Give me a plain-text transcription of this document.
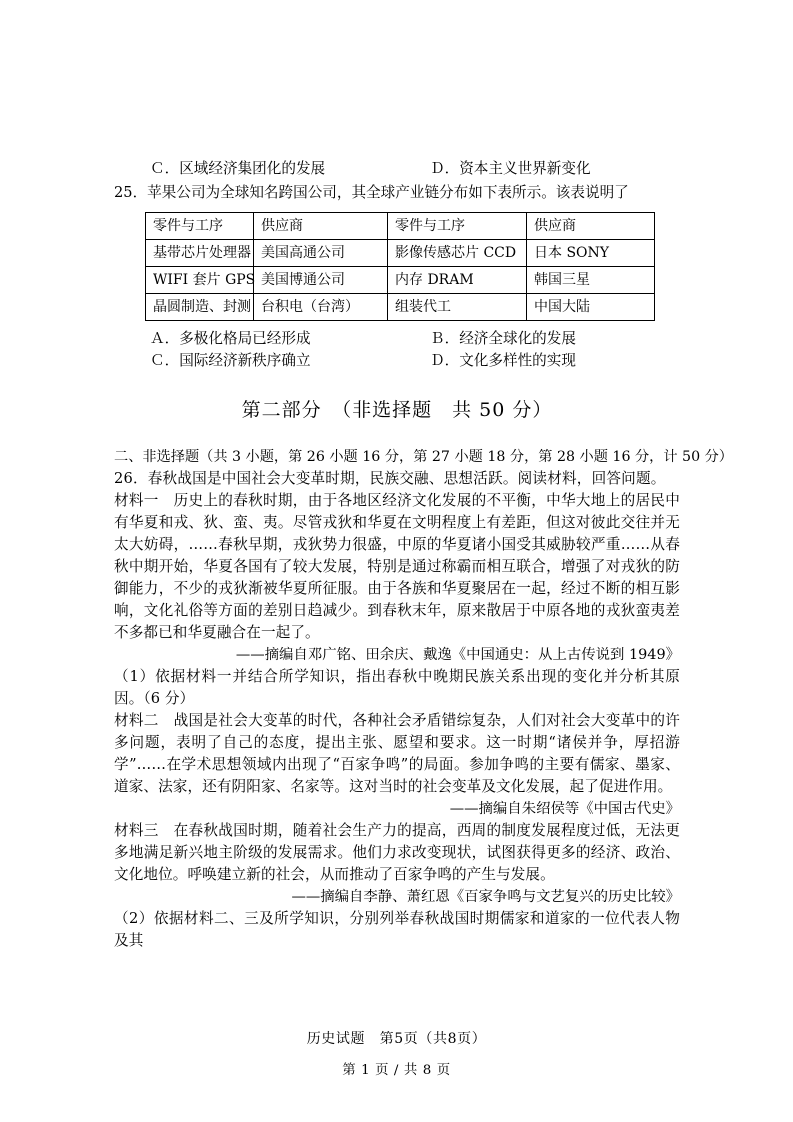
Ｃ．区域经济集团化的发展	Ｄ．资本主义世界新变化
25．苹果公司为全球知名跨国公司，其全球产业链分布如下表所示。该表说明了
零件与工序	供应商	零件与工序	供应商
基带芯片处理器	美国高通公司	影像传感芯片 CCD	日本 SONY
WIFI 套片 GPS	美国博通公司	内存 DRAM	韩国三星
晶圆制造、封测	台积电（台湾）	组装代工	中国大陆
Ａ．多极化格局已经形成	Ｂ．经济全球化的发展
Ｃ．国际经济新秩序确立	Ｄ．文化多样性的实现
第二部分　（非选择题　共 50 分）
二、非选择题（共 3 小题，第 26 小题 16 分，第 27 小题 18 分，第 28 小题 16 分，计 50 分）
26．春秋战国是中国社会大变革时期，民族交融、思想活跃。阅读材料，回答问题。
材料一　历史上的春秋时期，由于各地区经济文化发展的不平衡，中华大地上的居民中有华夏和戎、狄、蛮、夷。尽管戎狄和华夏在文明程度上有差距，但这对彼此交往并无太大妨碍，……春秋早期，戎狄势力很盛，中原的华夏诸小国受其威胁较严重……从春秋中期开始，华夏各国有了较大发展，特别是通过称霸而相互联合，增强了对戎狄的防御能力，不少的戎狄渐被华夏所征服。由于各族和华夏聚居在一起，经过不断的相互影响，文化礼俗等方面的差别日趋减少。到春秋末年，原来散居于中原各地的戎狄蛮夷差不多都已和华夏融合在一起了。
——摘编自邓广铭、田余庆、戴逸《中国通史：从上古传说到 1949》
（1）依据材料一并结合所学知识，指出春秋中晚期民族关系出现的变化并分析其原因。（6 分）
材料二　战国是社会大变革的时代，各种社会矛盾错综复杂，人们对社会大变革中的许多问题，表明了自己的态度，提出主张、愿望和要求。这一时期“诸侯并争，厚招游学”……在学术思想领域内出现了“百家争鸣”的局面。参加争鸣的主要有儒家、墨家、道家、法家，还有阴阳家、名家等。这对当时的社会变革及文化发展，起了促进作用。
——摘编自朱绍侯等《中国古代史》
材料三　在春秋战国时期，随着社会生产力的提高，西周的制度发展程度过低，无法更多地满足新兴地主阶级的发展需求。他们力求改变现状，试图获得更多的经济、政治、文化地位。呼唤建立新的社会，从而推动了百家争鸣的产生与发展。
——摘编自李静、萧红恩《百家争鸣与文艺复兴的历史比较》
（2）依据材料二、三及所学知识，分别列举春秋战国时期儒家和道家的一位代表人物及其
历史试题　第5页（共8页）
第 1 页 / 共 8 页
